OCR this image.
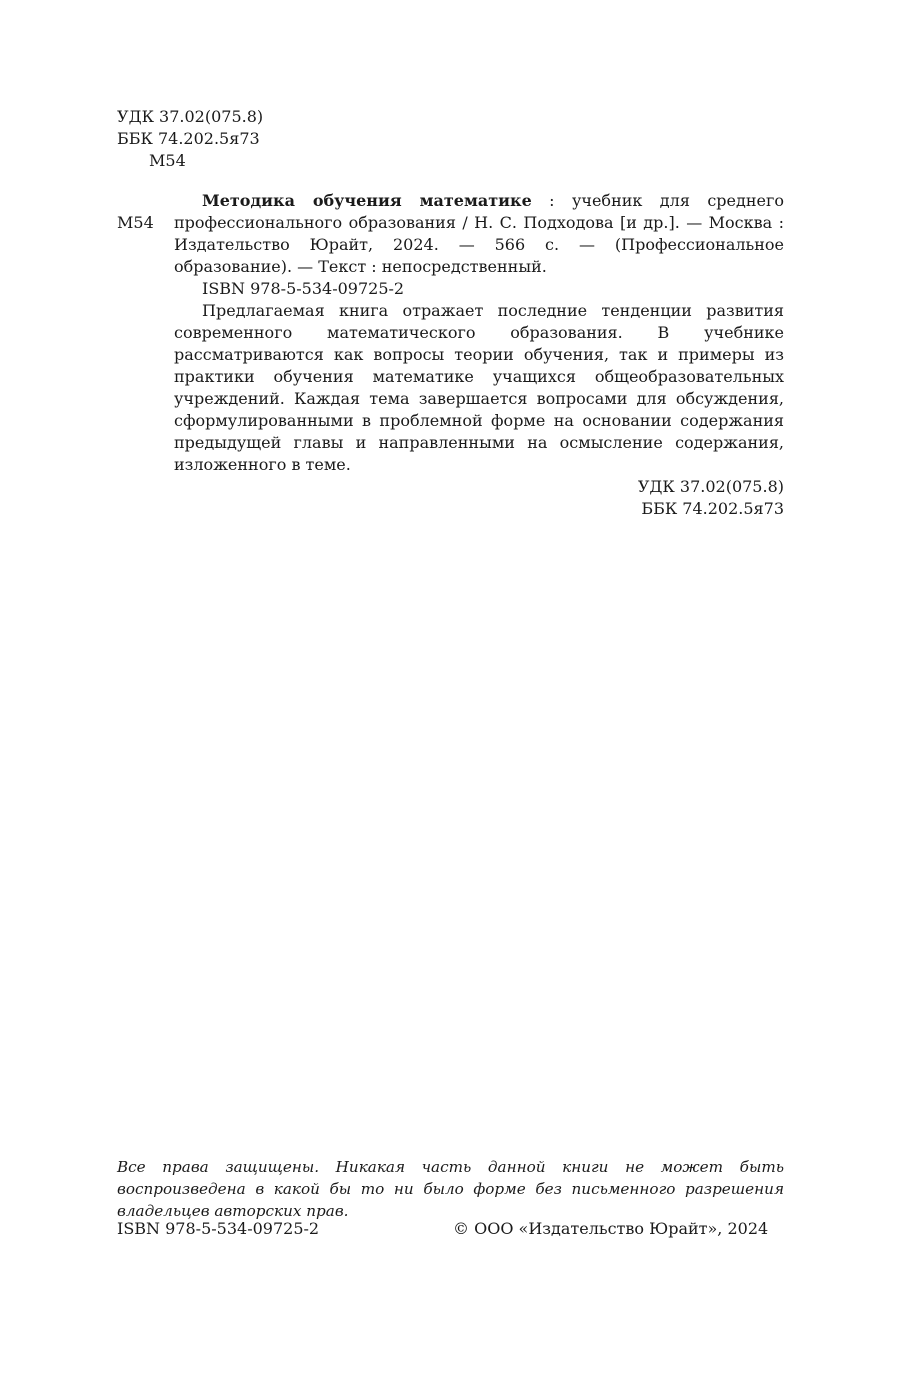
УДК 37.02(075.8)
ББК 74.202.5я73
М54
М54

Методика обучения математике : учебник для среднего профессионального образования / Н. С. Подходова [и др.]. — Москва : Издательство Юрайт, 2024. — 566 с. — (Профессиональное образование). — Текст : непосредственный.

ISBN 978-5-534-09725-2

Предлагаемая книга отражает последние тенденции развития современного математического образования. В учебнике рассматриваются как вопросы теории обучения, так и примеры из практики обучения математике учащихся общеобразовательных учреждений. Каждая тема завершается вопросами для обсуждения, сформулированными в проблемной форме на основании содержания предыдущей главы и направленными на осмысление содержания, изложенного в теме.

УДК 37.02(075.8)
ББК 74.202.5я73

Все права защищены. Никакая часть данной книги не может быть воспроизведена в какой бы то ни было форме без письменного разрешения владельцев авторских прав.

ISBN 978-5-534-09725-2	© ООО «Издательство Юрайт», 2024
